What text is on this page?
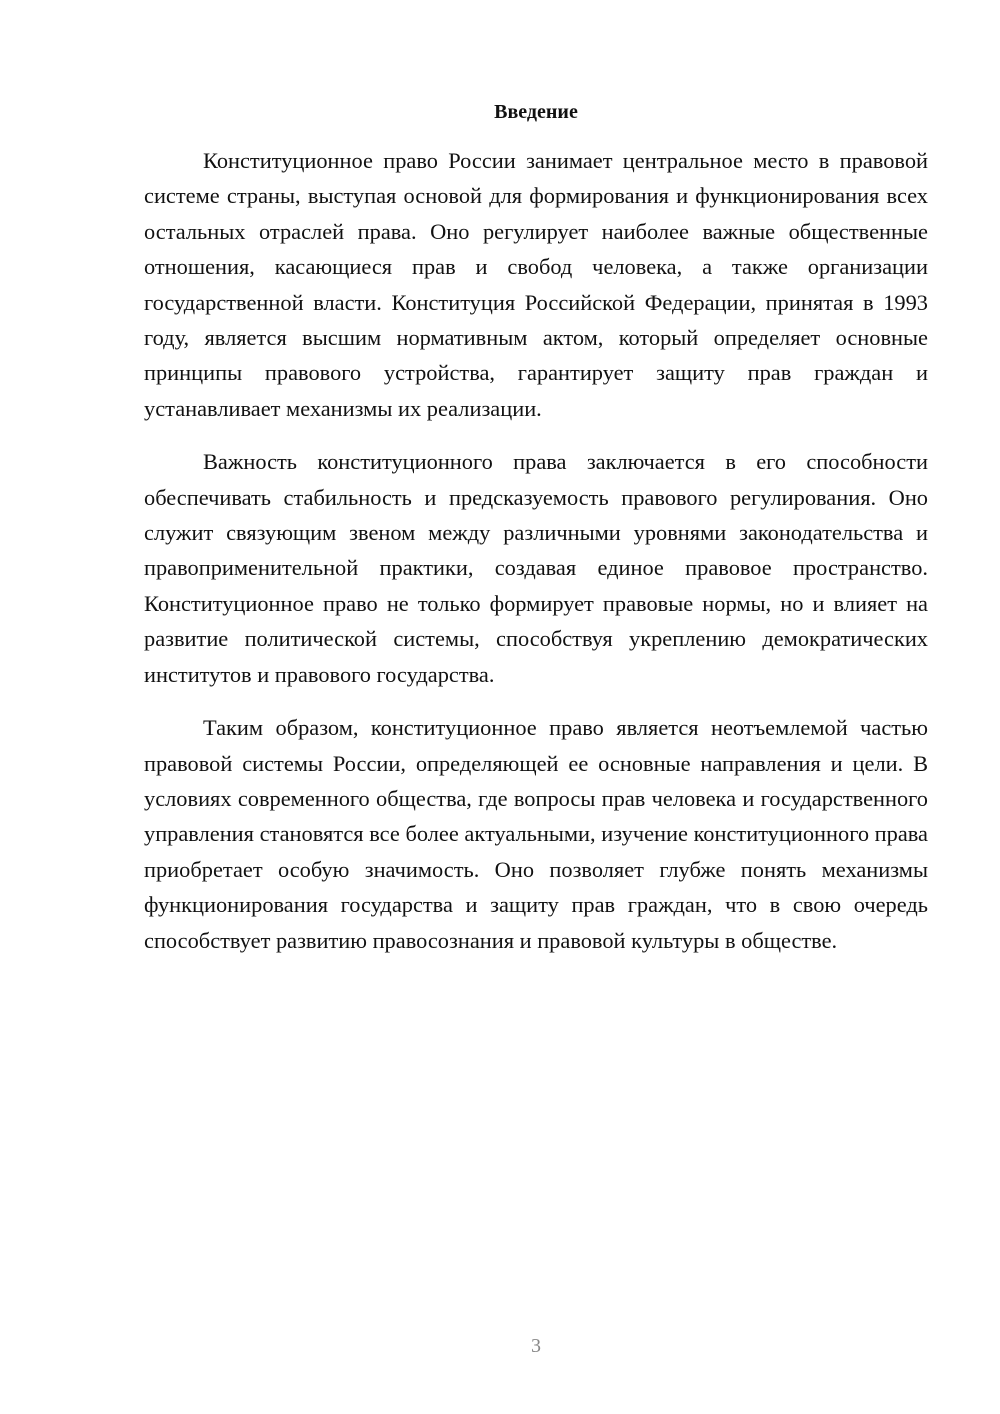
Введение

Конституционное право России занимает центральное место в правовой системе страны, выступая основой для формирования и функционирования всех остальных отраслей права. Оно регулирует наиболее важные общественные отношения, касающиеся прав и свобод человека, а также организации государственной власти. Конституция Российской Федерации, принятая в 1993 году, является высшим нормативным актом, который определяет основные принципы правового устройства, гарантирует защиту прав граждан и устанавливает механизмы их реализации.

Важность конституционного права заключается в его способности обеспечивать стабильность и предсказуемость правового регулирования. Оно служит связующим звеном между различными уровнями законодательства и правоприменительной практики, создавая единое правовое пространство. Конституционное право не только формирует правовые нормы, но и влияет на развитие политической системы, способствуя укреплению демократических институтов и правового государства.

Таким образом, конституционное право является неотъемлемой частью правовой системы России, определяющей ее основные направления и цели. В условиях современного общества, где вопросы прав человека и государственного управления становятся все более актуальными, изучение конституционного права приобретает особую значимость. Оно позволяет глубже понять механизмы функционирования государства и защиту прав граждан, что в свою очередь способствует развитию правосознания и правовой культуры в обществе.

3
